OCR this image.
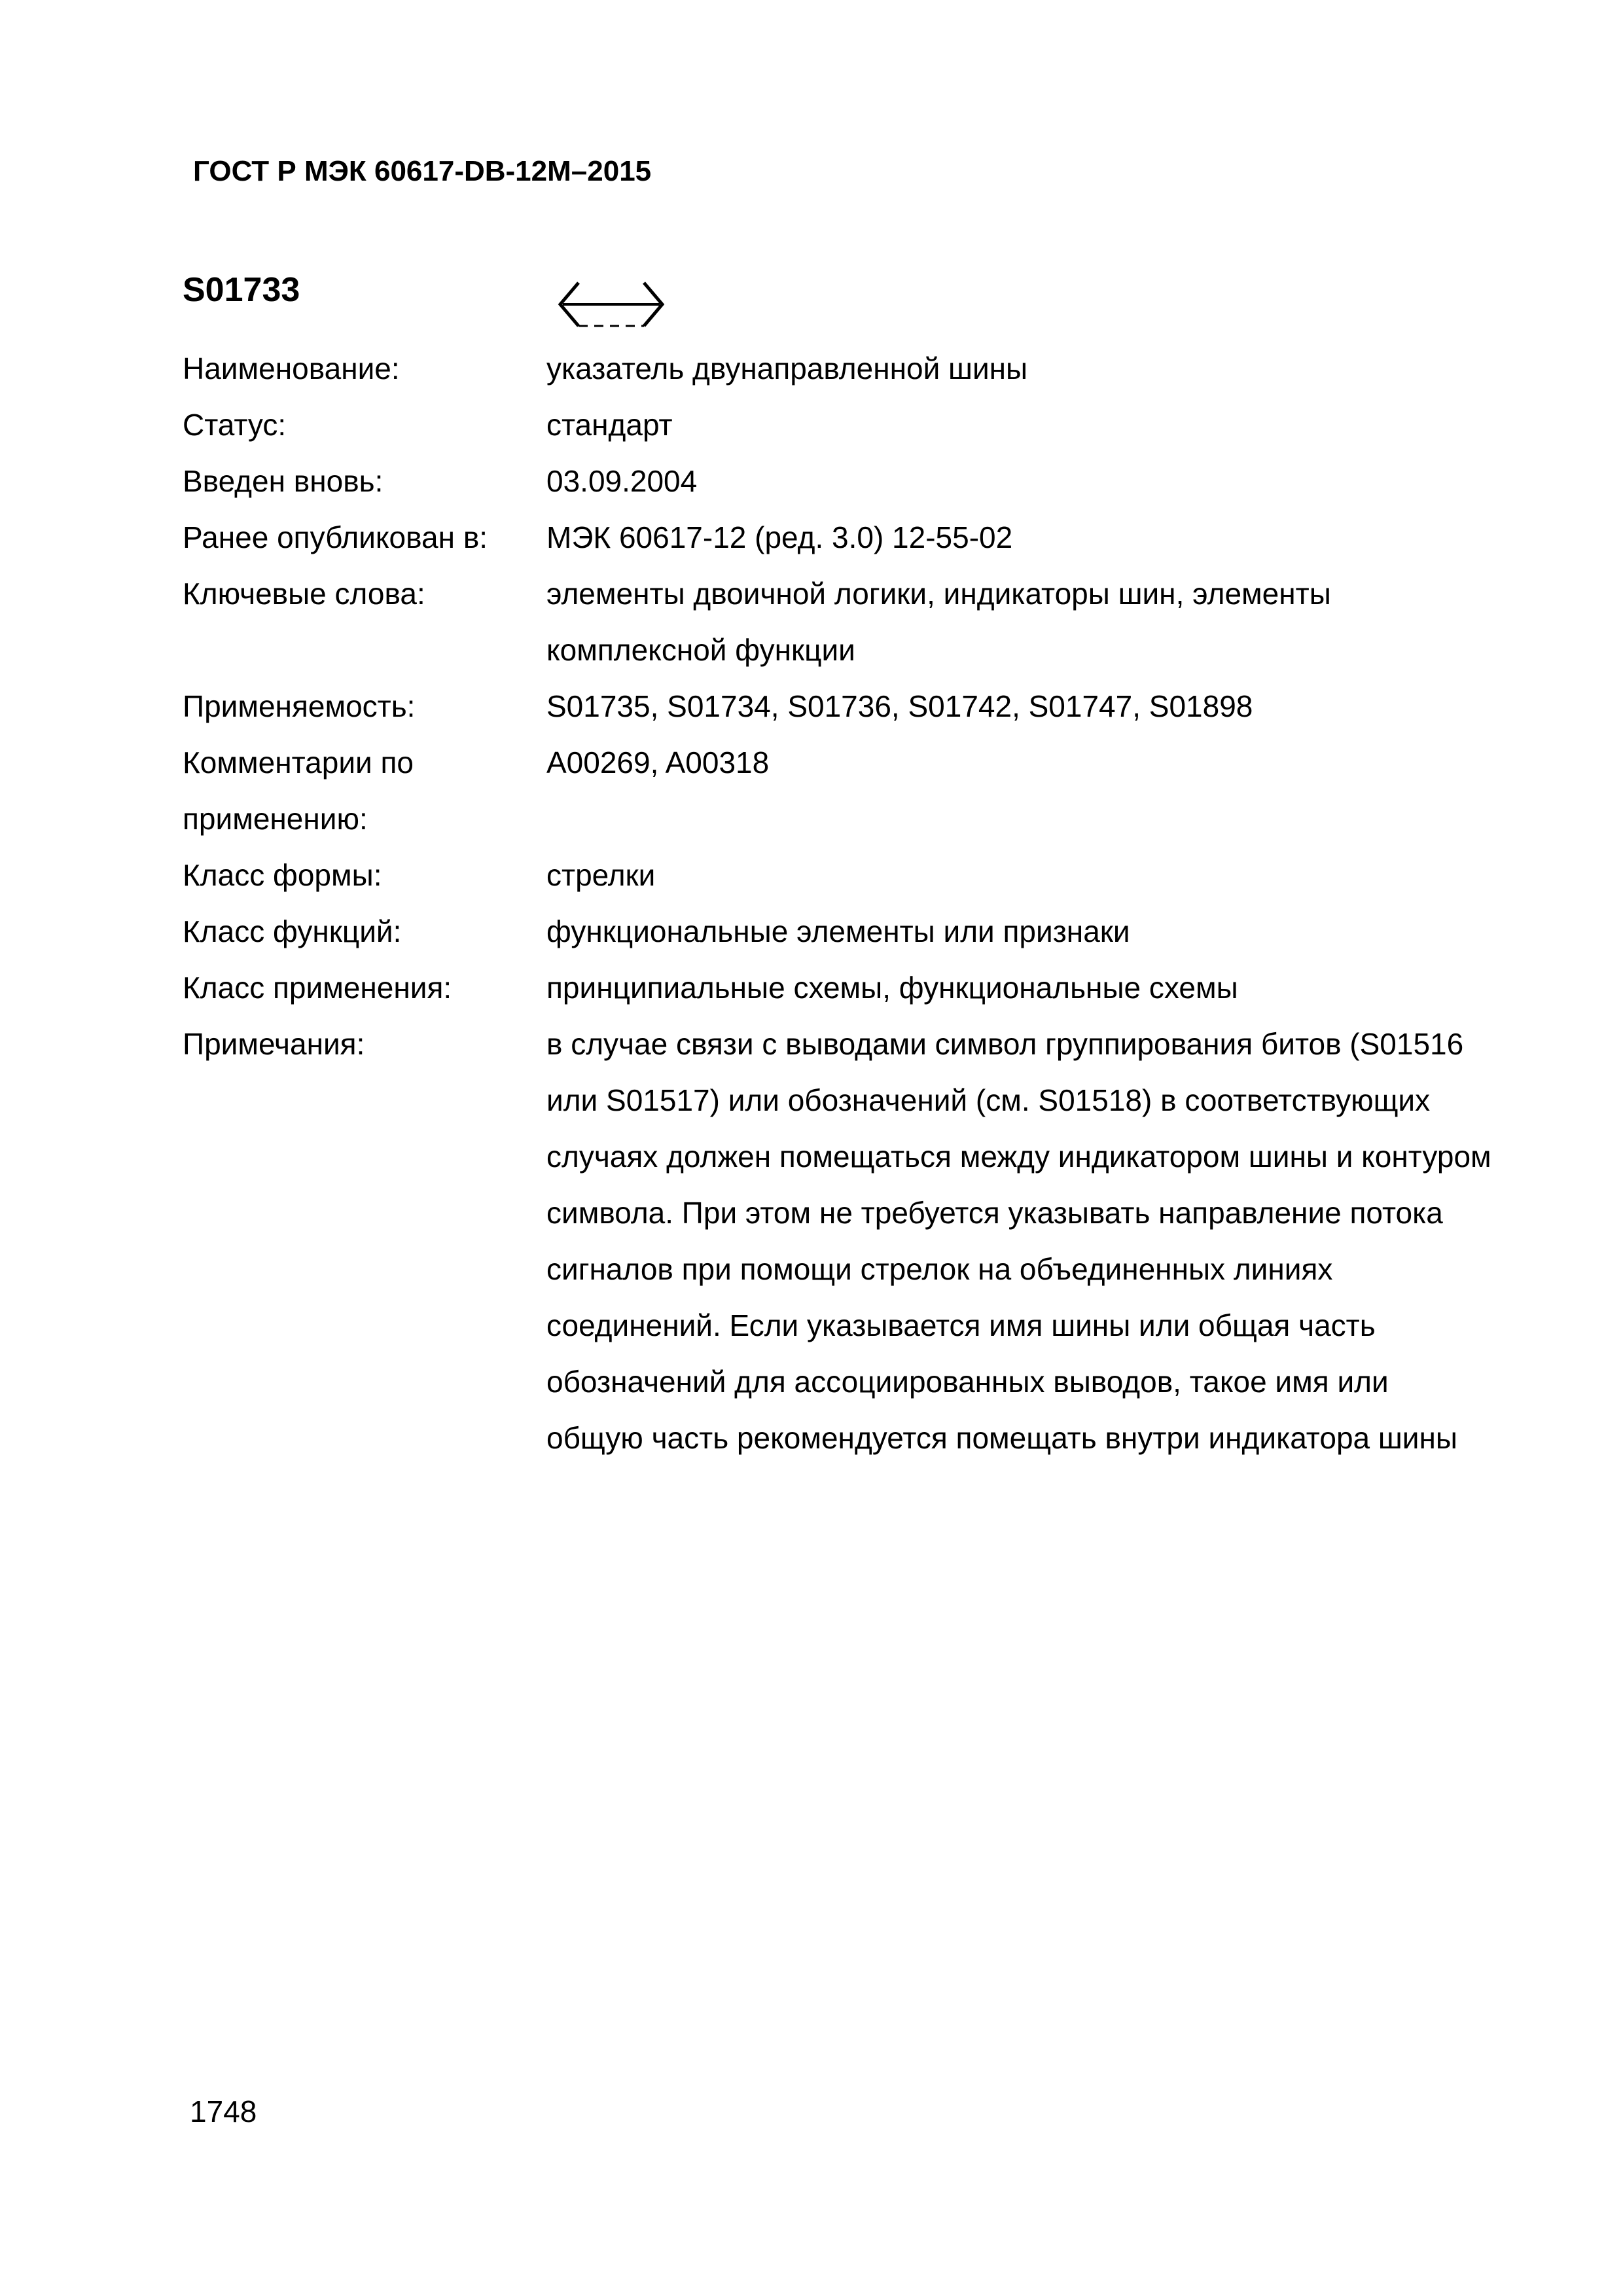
ГОСТ Р МЭК 60617-DB-12М–2015
S01733
Наименование:	указатель двунаправленной шины
Статус:	стандарт
Введен вновь:	03.09.2004
Ранее опубликован в:	МЭК 60617-12 (ред. 3.0) 12-55-02
Ключевые слова:	элементы двоичной логики, индикаторы шин, элементы комплексной функции
Применяемость:	S01735, S01734, S01736, S01742, S01747, S01898
Комментарии по применению:
A00269, A00318
Класс формы:	стрелки
Класс функций:	функциональные элементы или признаки
Класс применения:	принципиальные схемы, функциональные схемы
Примечания:	в случае связи с выводами символ группирования битов (S01516 или S01517) или обозначений (см. S01518) в соответствующих случаях должен помещаться между индикатором шины и контуром символа. При этом не требуется указывать направление потока сигналов при помощи стрелок на объединенных линиях соединений. Если указывается имя шины или общая часть обозначений для ассоциированных выводов, такое имя или общую часть рекомендуется помещать внутри индикатора шины
1748
